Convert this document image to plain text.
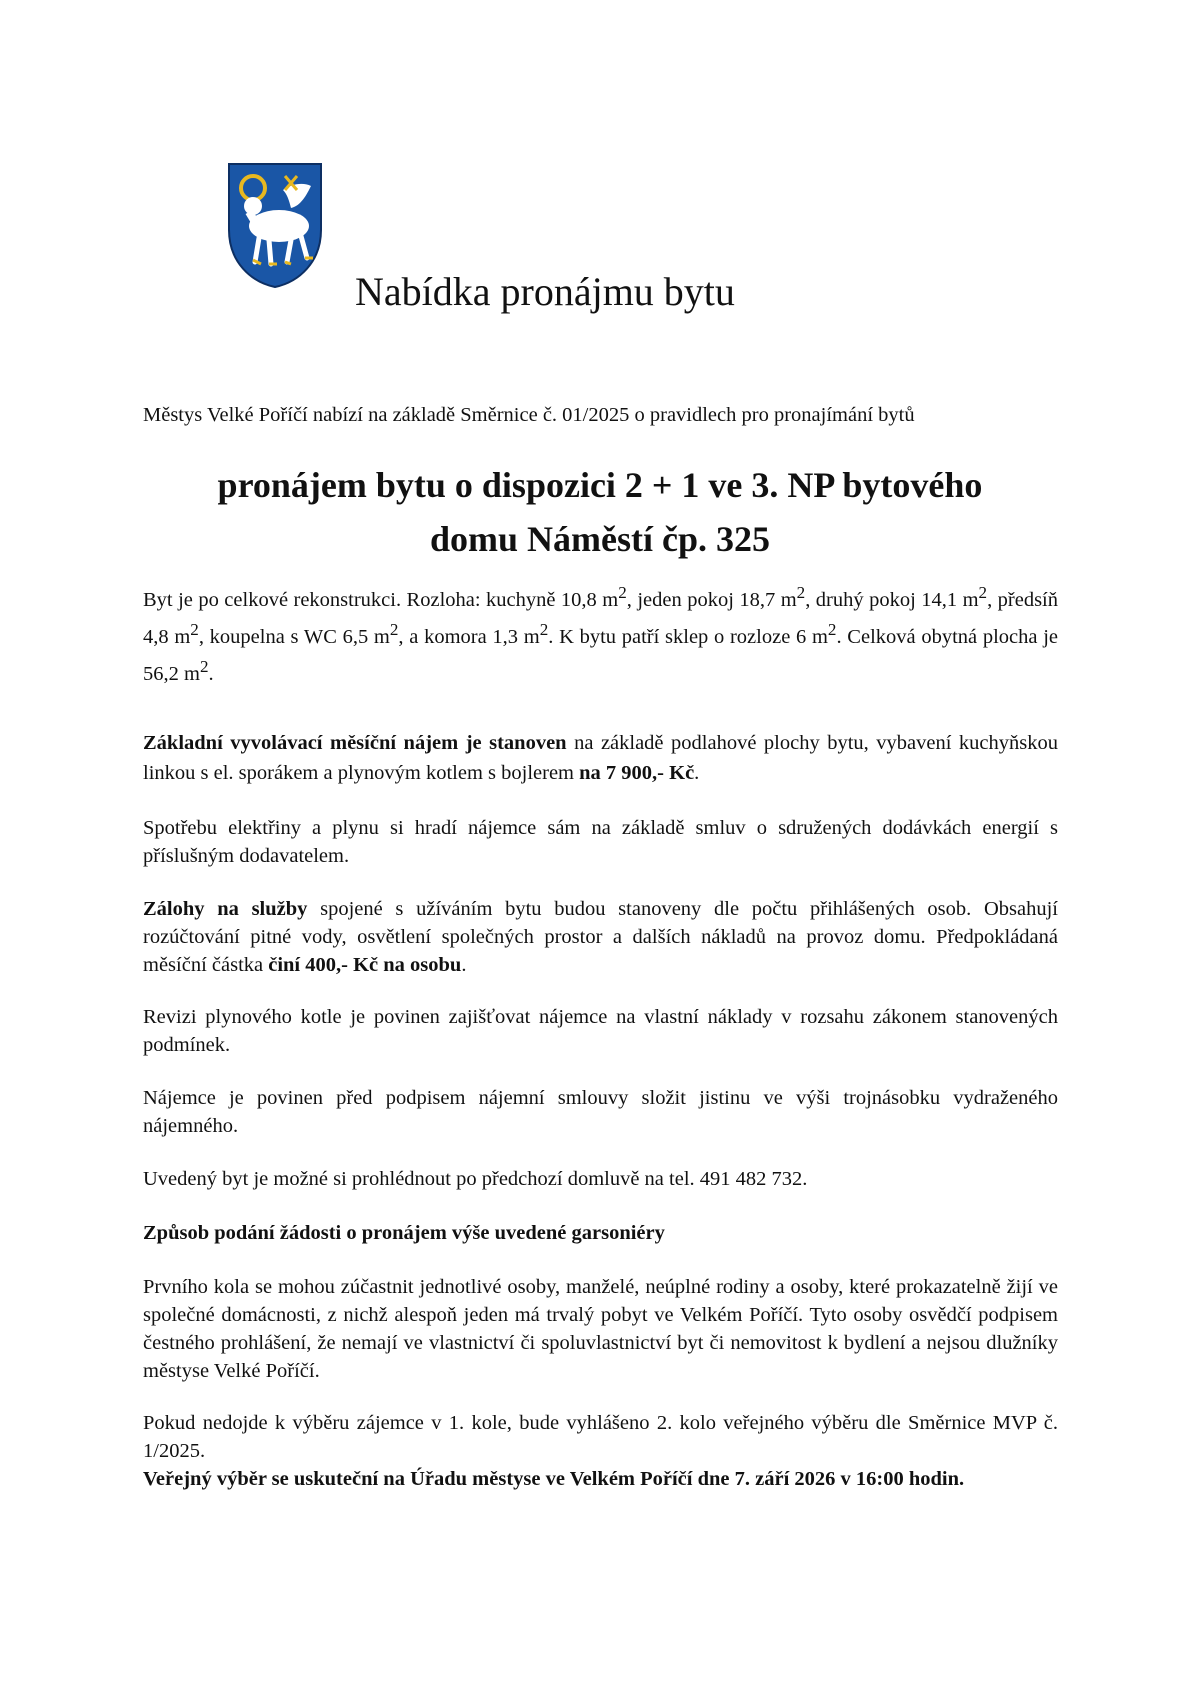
Nabídka pronájmu bytu

Městys Velké Poříčí nabízí na základě Směrnice č. 01/2025 o pravidlech pro pronajímání bytů

pronájem bytu o dispozici 2 + 1 ve 3. NP bytového
domu Náměstí čp. 325

Byt je po celkové rekonstrukci. Rozloha: kuchyně 10,8 $m^2$, jeden pokoj 18,7 $m^2$, druhý pokoj 14,1 $m^2$, předsíň 4,8 $m^2$, koupelna s WC 6,5 $m^2$, a komora 1,3 $m^2$. K bytu patří sklep o rozloze 6 $m^2$. Celková obytná plocha je 56,2 $m^2$.

Základní vyvolávací měsíční nájem je stanoven na základě podlahové plochy bytu, vybavení kuchyňskou linkou s el. sporákem a plynovým kotlem s bojlerem na 7 900,- Kč.

Spotřebu elektřiny a plynu si hradí nájemce sám na základě smluv o sdružených dodávkách energií s příslušným dodavatelem.

Zálohy na služby spojené s užíváním bytu budou stanoveny dle počtu přihlášených osob. Obsahují rozúčtování pitné vody, osvětlení společných prostor a dalších nákladů na provoz domu. Předpokládaná měsíční částka činí 400,- Kč na osobu.

Revizi plynového kotle je povinen zajišťovat nájemce na vlastní náklady v rozsahu zákonem stanovených podmínek.

Nájemce je povinen před podpisem nájemní smlouvy složit jistinu ve výši trojnásobku vydraženého nájemného.

Uvedený byt je možné si prohlédnout po předchozí domluvě na tel. 491 482 732.

Způsob podání žádosti o pronájem výše uvedené garsoniéry

Prvního kola se mohou zúčastnit jednotlivé osoby, manželé, neúplné rodiny a osoby, které prokazatelně žijí ve společné domácnosti, z nichž alespoň jeden má trvalý pobyt ve Velkém Poříčí. Tyto osoby osvědčí podpisem čestného prohlášení, že nemají ve vlastnictví či spoluvlastnictví byt či nemovitost k bydlení a nejsou dlužníky městyse Velké Poříčí.

Pokud nedojde k výběru zájemce v 1. kole, bude vyhlášeno 2. kolo veřejného výběru dle Směrnice MVP č. 1/2025.

Veřejný výběr se uskuteční na Úřadu městyse ve Velkém Poříčí dne 7. září 2026 v 16:00 hodin.
